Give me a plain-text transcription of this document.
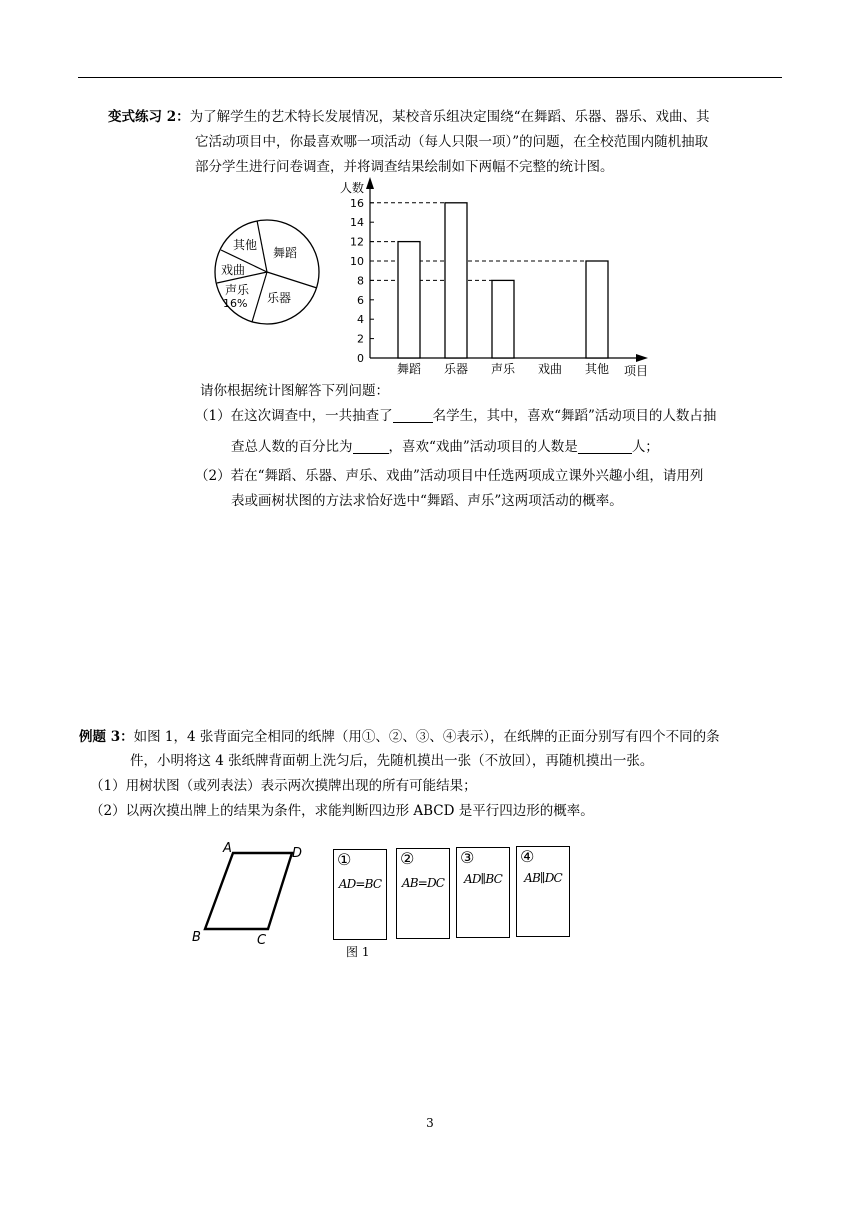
变式练习 2：为了解学生的艺术特长发展情况，某校音乐组决定围绕“在舞蹈、乐器、器乐、戏曲、其
它活动项目中，你最喜欢哪一项活动（每人只限一项）”的问题，在全校范围内随机抽取
部分学生进行问卷调查，并将调查结果绘制如下两幅不完整的统计图。
其他
舞蹈
戏曲
声乐
16% 乐器
人数
0
2
4
6
8
10
12
14
16
舞蹈 乐器 声乐 戏曲 其他 项目
请你根据统计图解答下列问题：
（1）在这次调查中，一共抽查了	名学生，其中，喜欢“舞蹈”活动项目的人数占抽
查总人数的百分比为	，喜欢“戏曲”活动项目的人数是	人；
（2）若在“舞蹈、乐器、声乐、戏曲”活动项目中任选两项成立课外兴趣小组，请用列
表或画树状图的方法求恰好选中“舞蹈、声乐”这两项活动的概率。
例题 3：如图 1，4 张背面完全相同的纸牌（用①、②、③、④表示），在纸牌的正面分别写有四个不同的条
件，小明将这 4 张纸牌背面朝上洗匀后，先随机摸出一张（不放回），再随机摸出一张。
（1）用树状图（或列表法）表示两次摸牌出现的所有可能结果；
（2）以两次摸出牌上的结果为条件，求能判断四边形 ABCD 是平行四边形的概率。
A	D
B	C
①
AD=BC
②
AB=DC
③
AD∥BC
④
AB∥DC
图 1
3
